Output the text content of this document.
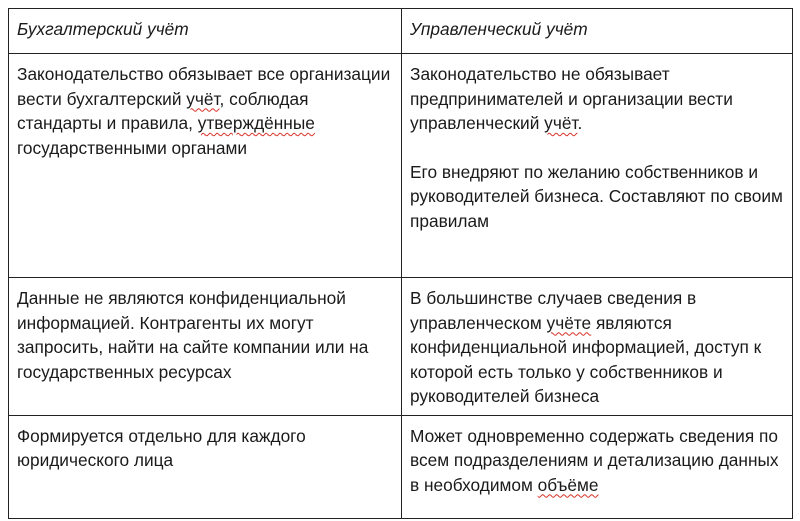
Бухгалтерский учёт	Управленческий учёт
Законодательство обязывает все организации вести бухгалтерский учёт, соблюдая стандарты и правила, утверждённые государственными органами	Законодательство не обязывает предпринимателей и организации вести управленческий учёт.

Его внедряют по желанию собственников и руководителей бизнеса. Составляют по своим правилам

Данные не являются конфиденциальной информацией. Контрагенты их могут запросить, найти на сайте компании или на государственных ресурсах	В большинстве случаев сведения в управленческом учёте являются конфиденциальной информацией, доступ к которой есть только у собственников и руководителей бизнеса
Формируется отдельно для каждого юридического лица	Может одновременно содержать сведения по всем подразделениям и детализацию данных в необходимом объёме
